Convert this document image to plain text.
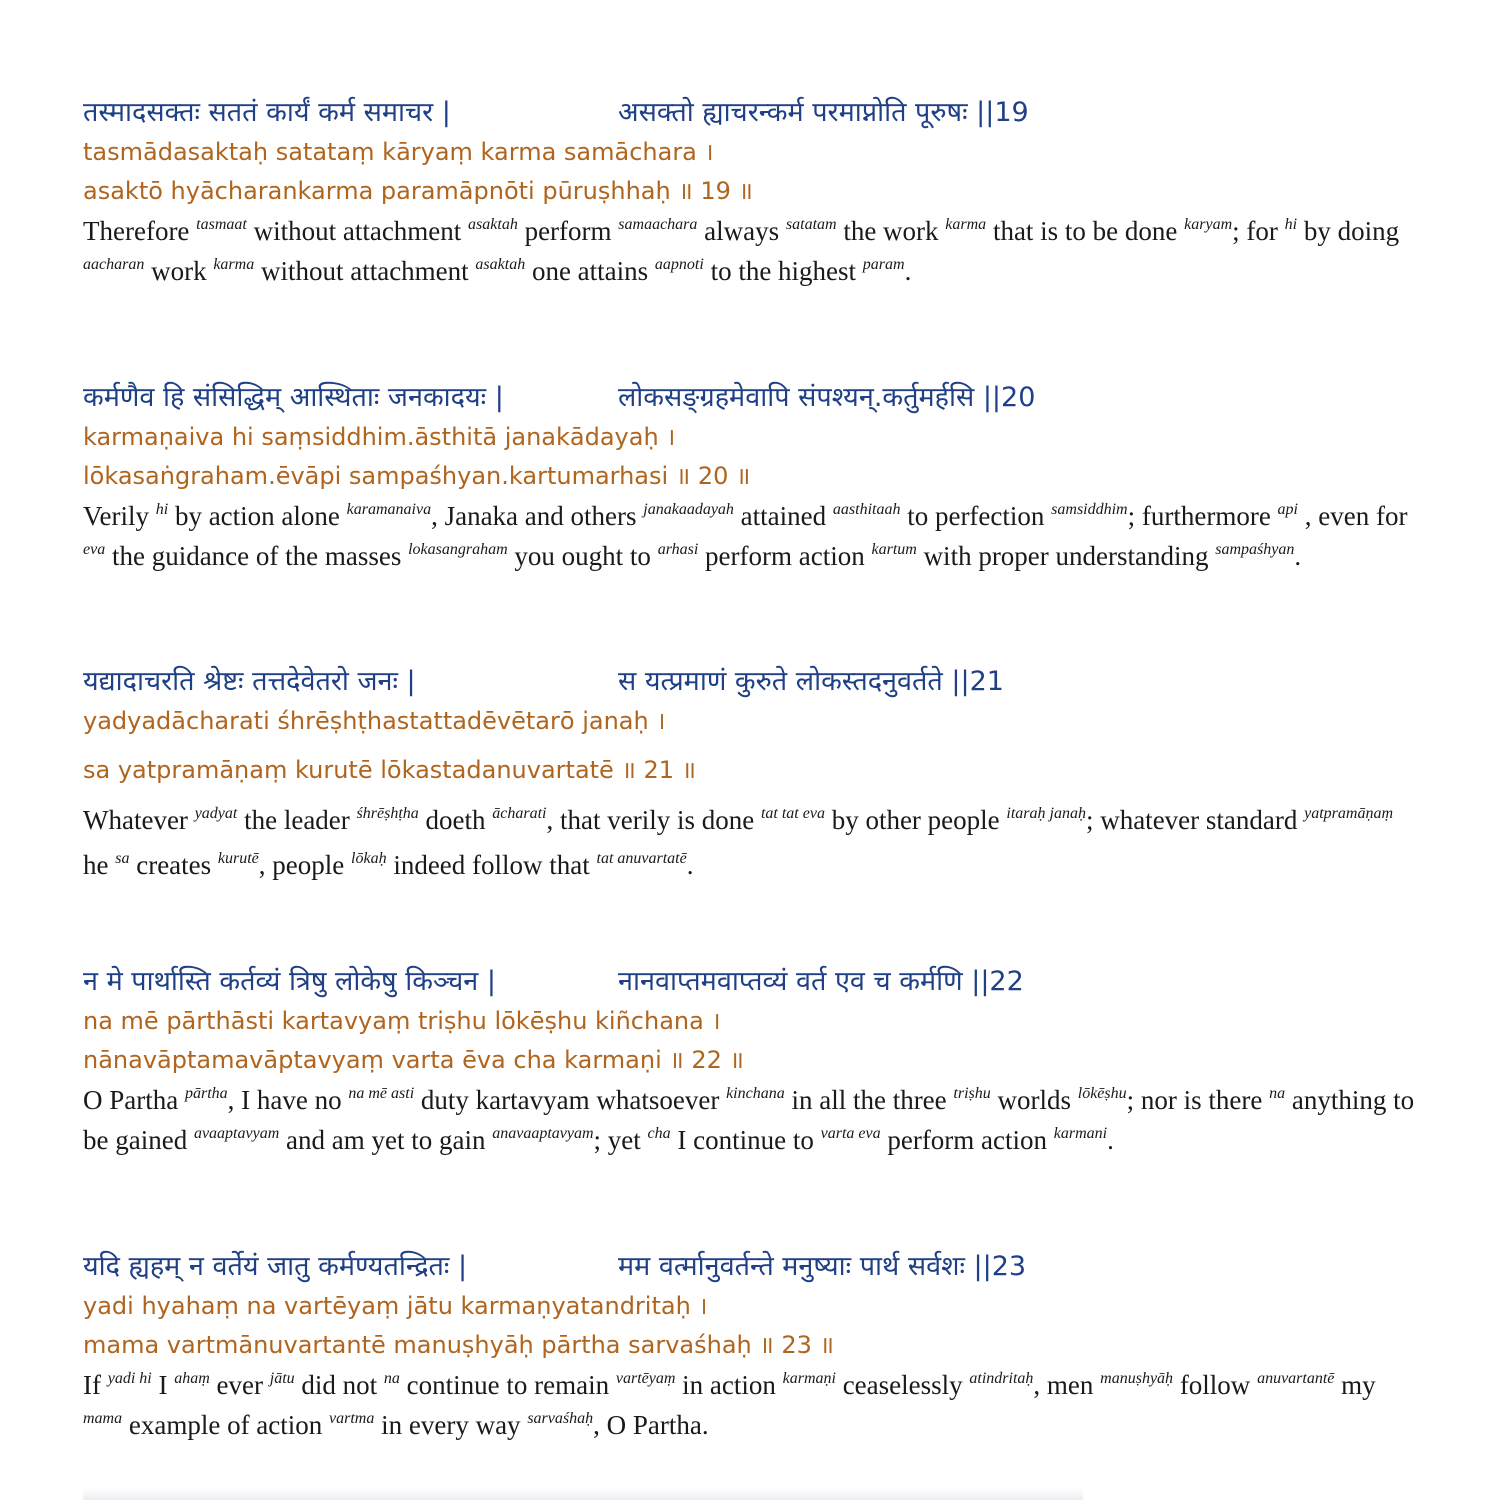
तस्मादसक्तः सततं कार्यं कर्म समाचर |	असक्तो ह्याचरन्कर्म परमाप्नोति पूरुषः ||19
tasmādasaktaḥ satataṃ kāryaṃ karma samāchara ।
asaktō hyācharankarma paramāpnōti pūruṣhhaḥ ॥ 19 ॥
Therefore $^{tasmaat}$ without attachment $^{asaktah}$ perform $^{samaachara}$ always $^{satatam}$ the work $^{karma}$ that is to be done $^{karyam}$; for $^{hi}$ by doing $^{aacharan}$ work $^{karma}$ without attachment $^{asaktah}$ one attains $^{aapnoti}$ to the highest $^{param}$.
कर्मणैव हि संसिद्धिम् आस्थिताः जनकादयः |	लोकसङ्ग्रहमेवापि संपश्यन्.कर्तुमर्हसि ||20
karmaṇaiva hi saṃsiddhim.āsthitā janakādayaḥ ।
lōkasaṅgraham.ēvāpi sampaśhyan.kartumarhasi ॥ 20 ॥
Verily $^{hi}$ by action alone $^{karamanaiva}$, Janaka and others $^{janakaadayah}$ attained $^{aasthitaah}$ to perfection $^{samsiddhim}$; furthermore $^{api}$ , even for $^{eva}$ the guidance of the masses $^{lokasangraham}$ you ought to $^{arhasi}$ perform action $^{kartum}$ with proper understanding $^{sampaśhyan}$.
यद्यादाचरति श्रेष्टः तत्तदेवेतरो जनः |	स यत्प्रमाणं कुरुते लोकस्तदनुवर्तते ||21
yadyadācharati śhrēṣhṭhastattadēvētarō janaḥ ।
sa yatpramāṇaṃ kurutē lōkastadanuvartatē ॥ 21 ॥
Whatever $^{yadyat}$ the leader $^{śhrēṣhṭha}$ doeth $^{ācharati}$, that verily is done $^{tat tat eva}$ by other people $^{itaraḥ janaḥ}$; whatever standard $^{yatpramāṇaṃ}$ he $^{sa}$ creates $^{kurutē}$, people $^{lōkaḥ}$ indeed follow that $^{tat anuvartatē}$.
न मे पार्थास्ति कर्तव्यं त्रिषु लोकेषु किञ्चन |	नानवाप्तमवाप्तव्यं वर्त एव च कर्मणि ||22
na mē pārthāsti kartavyaṃ triṣhu lōkēṣhu kiñchana ।
nānavāptamavāptavyaṃ varta ēva cha karmaṇi ॥ 22 ॥
O Partha $^{pārtha}$, I have no $^{na mē asti}$ duty kartavyam whatsoever $^{kinchana}$ in all the three $^{triṣhu}$ worlds $^{lōkēṣhu}$; nor is there $^{na}$ anything to be gained $^{avaaptavyam}$ and am yet to gain $^{anavaaptavyam}$; yet $^{cha}$ I continue to $^{varta eva}$ perform action $^{karmani}$.
यदि ह्यहम् न वर्तेयं जातु कर्मण्यतन्द्रितः |	मम वर्त्मानुवर्तन्ते मनुष्याः पार्थ सर्वशः ||23
yadi hyahaṃ na vartēyaṃ jātu karmaṇyatandritaḥ ।
mama vartmānuvartantē manuṣhyāḥ pārtha sarvaśhaḥ ॥ 23 ॥
If $^{yadi hi}$ I $^{ahaṃ}$ ever $^{jātu}$ did not $^{na}$ continue to remain $^{vartēyaṃ}$ in action $^{karmaṇi}$ ceaselessly $^{atindritaḥ}$, men $^{manuṣhyāḥ}$ follow $^{anuvartantē}$ my $^{mama}$ example of action $^{vartma}$ in every way $^{sarvaśhaḥ}$, O Partha.
